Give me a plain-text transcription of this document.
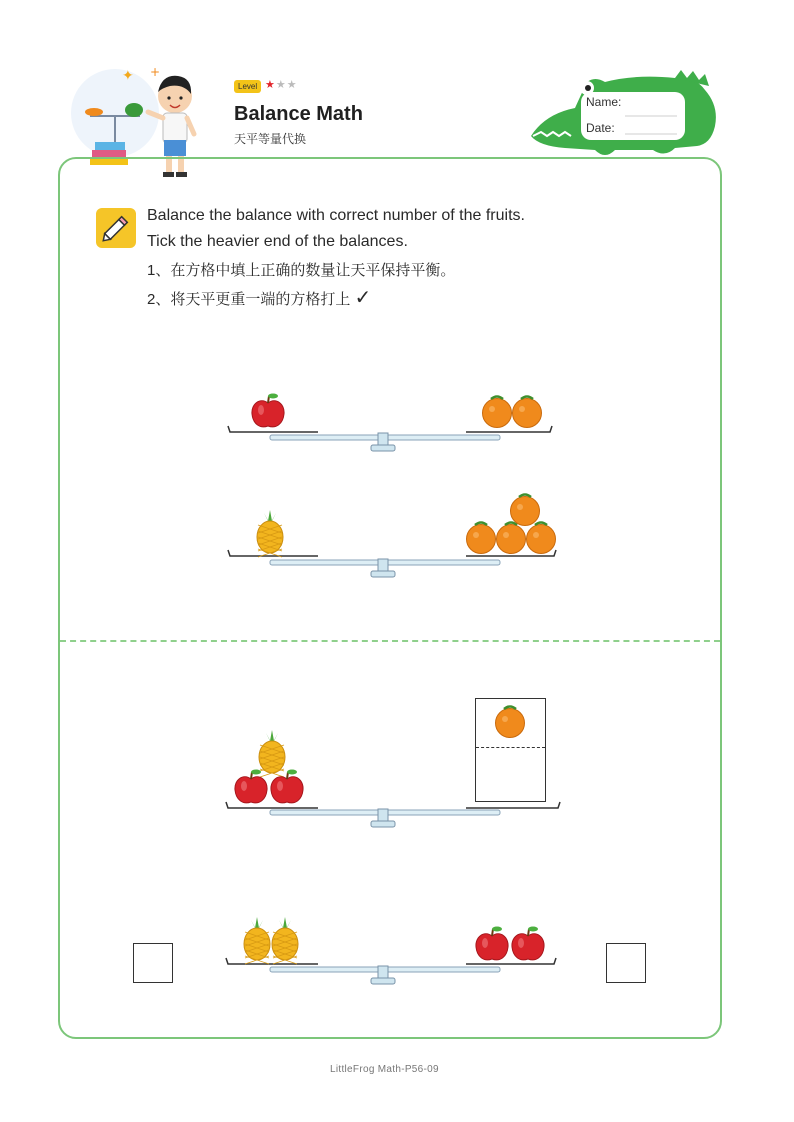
✦ +
Level ★★★
Balance Math
天平等量代换
Name:
Date:
Balance the balance with correct number of the fruits.
Tick the heavier end of the balances.
1、在方格中填上正确的数量让天平保持平衡。
2、将天平更重一端的方格打上 ✓
LittleFrog Math-P56-09
